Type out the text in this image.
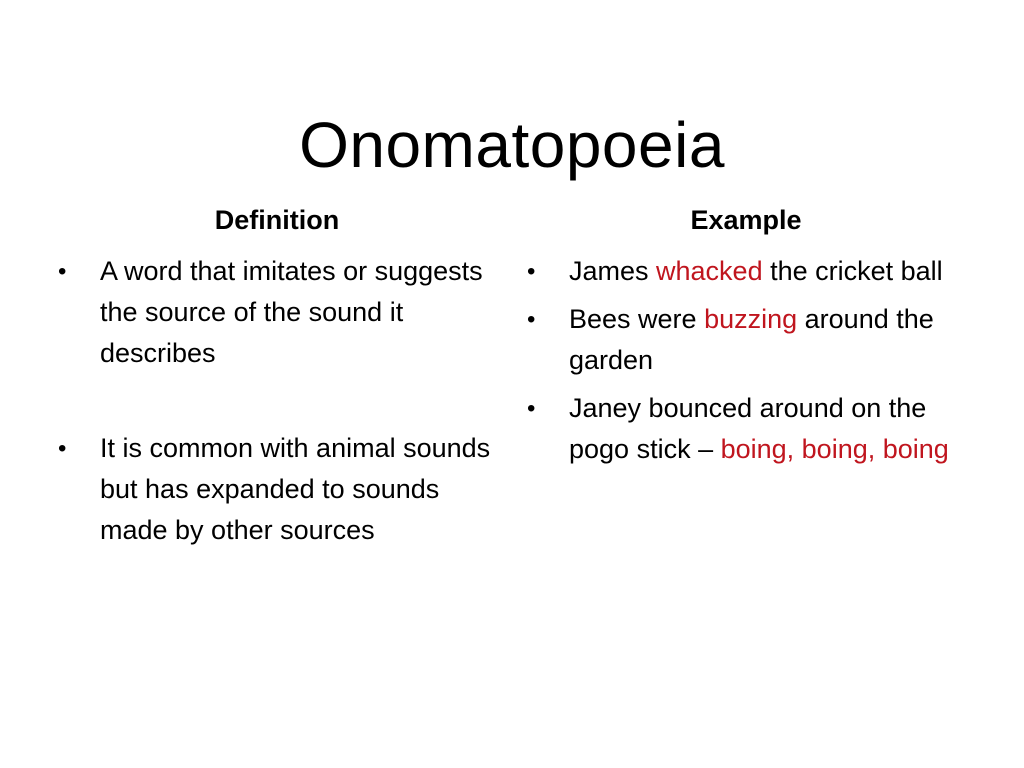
Onomatopoeia
Definition	Example
•	A word that imitates or suggests the source of the sound it describes
•	It is common with animal sounds but has expanded to sounds made by other sources
•	James whacked the cricket ball
•	Bees were buzzing around the garden
•	Janey bounced around on the pogo stick – boing, boing, boing
